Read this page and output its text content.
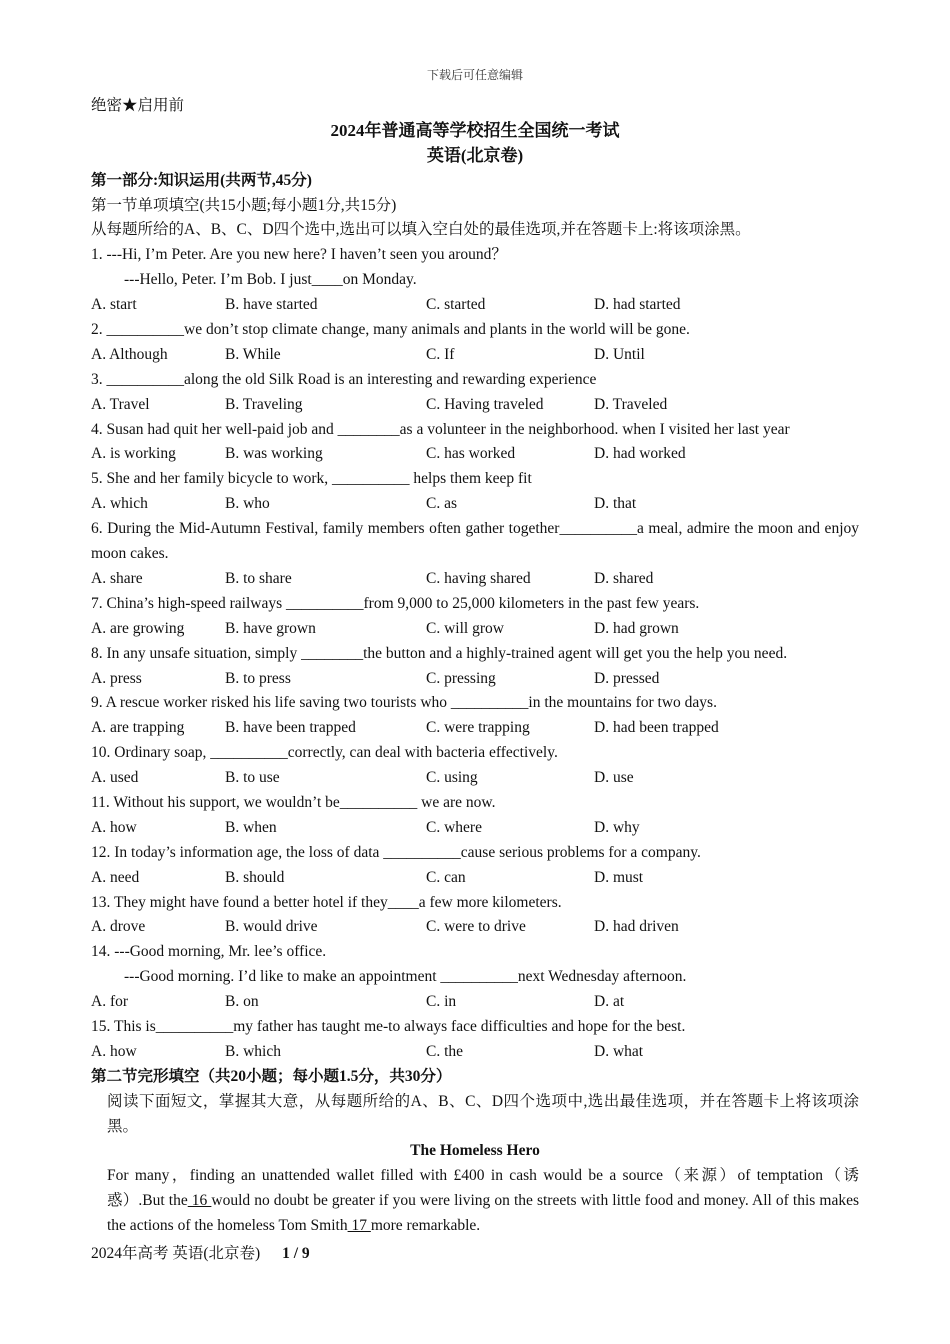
下载后可任意编辑
绝密★启用前
2024年普通高等学校招生全国统一考试
英语(北京卷)
第一部分:知识运用(共两节,45分)
第一节单项填空(共15小题;每小题1分,共15分)
从每题所给的A、B、C、D四个选中,选出可以填入空白处的最佳选项,并在答题卡上:将该项涂黑。
1. ---Hi, I’m Peter. Are you new here? I haven’t seen you around？
---Hello, Peter. I’m Bob. I just____on Monday.
A. start	B. have started	C. started	D. had started
2. __________we don’t stop climate change, many animals and plants in the world will be gone.
A. Although	B. While	C. If	D. Until
3. __________along the old Silk Road is an interesting and rewarding experience
A. Travel	B. Traveling	C. Having traveled	D. Traveled
4. Susan had quit her well-paid job and ________as a volunteer in the neighborhood. when I visited her last year
A. is working	B. was working	C. has worked	D. had worked
5. She and her family bicycle to work, __________ helps them keep fit
A. which	B. who	C. as	D. that
6. During the Mid-Autumn Festival, family members often gather together__________a meal, admire the moon and enjoy moon cakes.
A. share	B. to share	C. having shared	D. shared
7. China’s high-speed railways __________from 9,000 to 25,000 kilometers in the past few years.
A. are growing	B. have grown	C. will grow	D. had grown
8. In any unsafe situation, simply ________the button and a highly-trained agent will get you the help you need.
A. press	B. to press	C. pressing	D. pressed
9. A rescue worker risked his life saving two tourists who __________in the mountains for two days.
A. are trapping	B. have been trapped	C. were trapping	D. had been trapped
10. Ordinary soap, __________correctly, can deal with bacteria effectively.
A. used	B. to use	C. using	D. use
11. Without his support, we wouldn’t be__________ we are now.
A. how	B. when	C. where	D. why
12. In today’s information age, the loss of data __________cause serious problems for a company.
A. need	B. should	C. can	D. must
13. They might have found a better hotel if they____a few more kilometers.
A. drove	B. would drive	C. were to drive	D. had driven
14. ---Good morning, Mr. lee’s office.
---Good morning. I’d like to make an appointment __________next Wednesday afternoon.
A. for	B. on	C. in	D. at
15. This is__________my father has taught me-to always face difficulties and hope for the best.
A. how	B. which	C. the	D. what
第二节完形填空（共20小题；每小题1.5分，共30分）
阅读下面短文，掌握其大意，从每题所给的A、B、C、D四个选项中,选出最佳选项，并在答题卡上将该项涂黑。
The Homeless Hero
For many，finding an unattended wallet filled with £400 in cash would be a source（来源）of temptation（诱惑）.But the 16 would no doubt be greater if you were living on the streets with little food and money. All of this makes the actions of the homeless Tom Smith 17 more remarkable.
2024年高考 英语(北京卷) 1 / 9
